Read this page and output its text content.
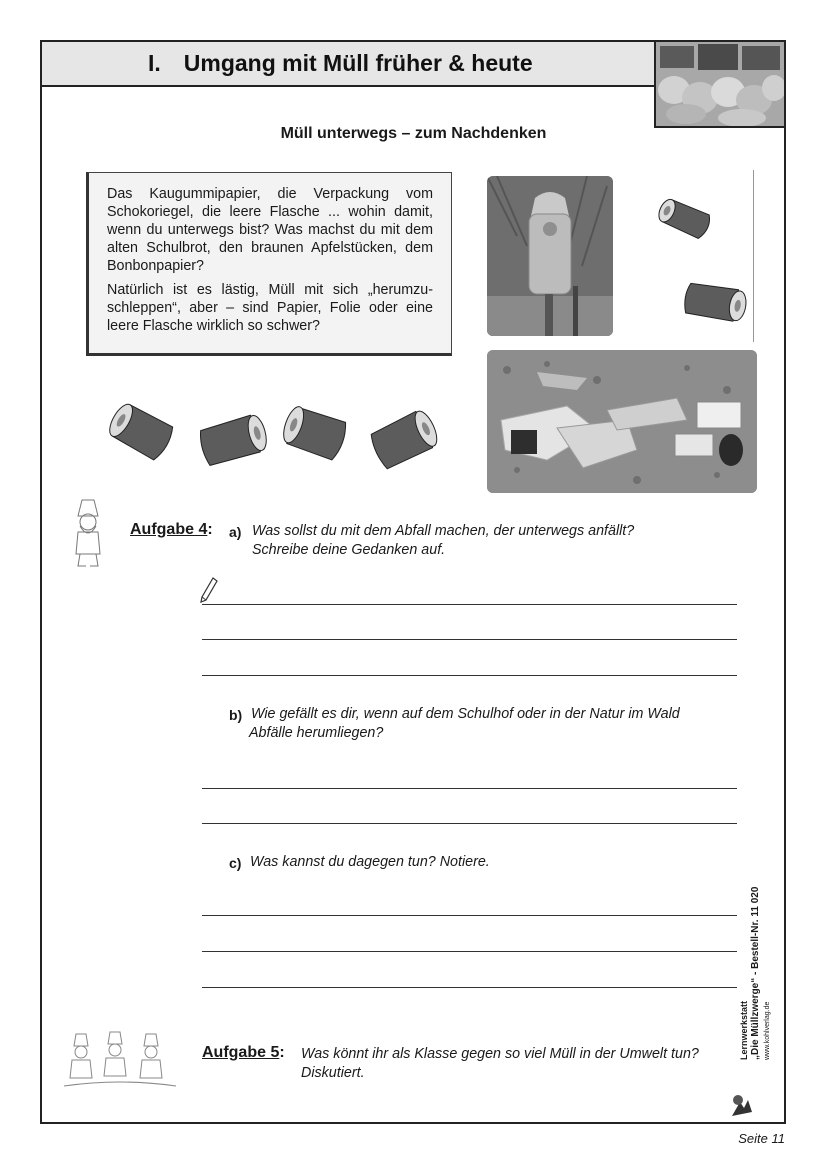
I. Umgang mit Müll früher & heute
Müll unterwegs – zum Nachdenken

Das Kaugummipapier, die Verpackung vom Schokoriegel, die leere Flasche ... wohin damit, wenn du unterwegs bist? Was machst du mit dem alten Schulbrot, den braunen Apfelstücken, dem Bonbonpapier?

Natürlich ist es lästig, Müll mit sich „herumzu-schleppen“, aber – sind Papier, Folie oder eine leere Flasche wirklich so schwer?

Aufgabe 4: a) Was sollst du mit dem Abfall machen, der unterwegs anfällt? Schreibe deine Gedanken auf.
b) Wie gefällt es dir, wenn auf dem Schulhof oder in der Natur im Wald Abfälle herumliegen?
c) Was kannst du dagegen tun? Notiere.
Aufgabe 5: Was könnt ihr als Klasse gegen so viel Müll in der Umwelt tun? Diskutiert.
Lernwerkstatt „Die Müllzwerge“ - Bestell-Nr. 11 020 www.kohlverlag.de
Seite 11
